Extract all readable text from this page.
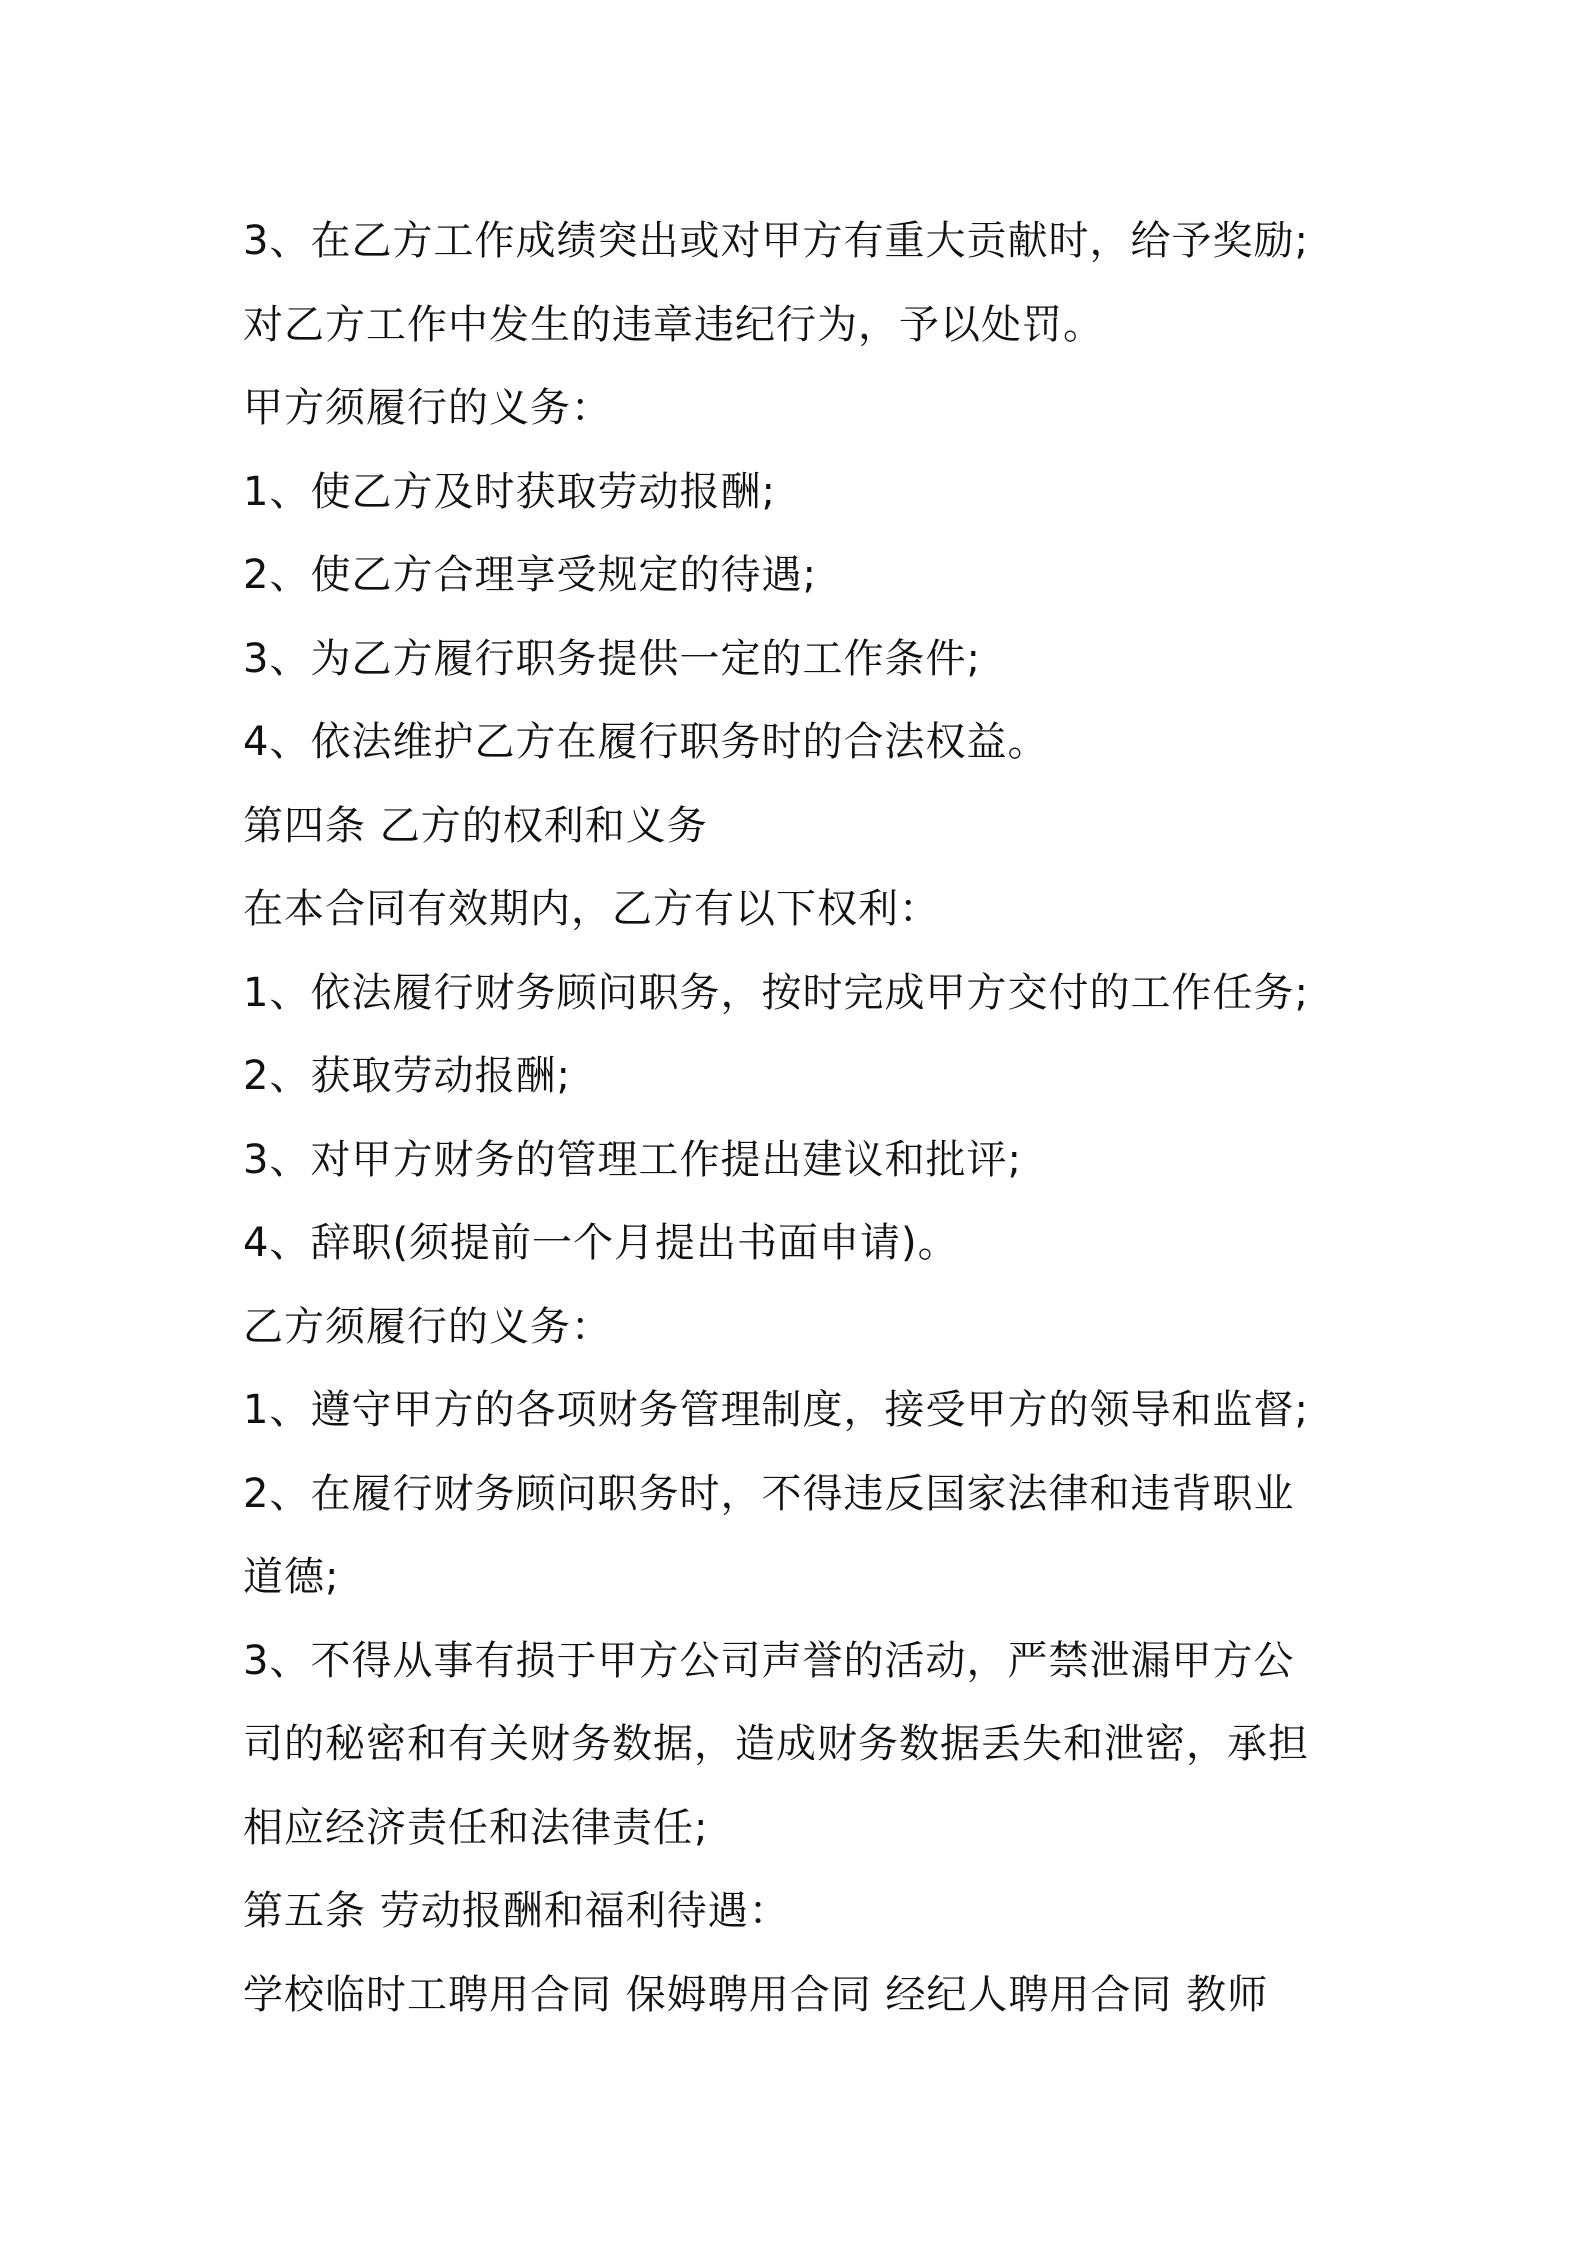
3、在乙方工作成绩突出或对甲方有重大贡献时，给予奖励;
对乙方工作中发生的违章违纪行为，予以处罚。
甲方须履行的义务：
1、使乙方及时获取劳动报酬;
2、使乙方合理享受规定的待遇;
3、为乙方履行职务提供一定的工作条件;
4、依法维护乙方在履行职务时的合法权益。
第四条 乙方的权利和义务
在本合同有效期内，乙方有以下权利：
1、依法履行财务顾问职务，按时完成甲方交付的工作任务;
2、获取劳动报酬;
3、对甲方财务的管理工作提出建议和批评;
4、辞职(须提前一个月提出书面申请)。
乙方须履行的义务：
1、遵守甲方的各项财务管理制度，接受甲方的领导和监督;
2、在履行财务顾问职务时，不得违反国家法律和违背职业
道德;
3、不得从事有损于甲方公司声誉的活动，严禁泄漏甲方公
司的秘密和有关财务数据，造成财务数据丢失和泄密，承担
相应经济责任和法律责任;
第五条 劳动报酬和福利待遇：
学校临时工聘用合同 保姆聘用合同 经纪人聘用合同 教师
